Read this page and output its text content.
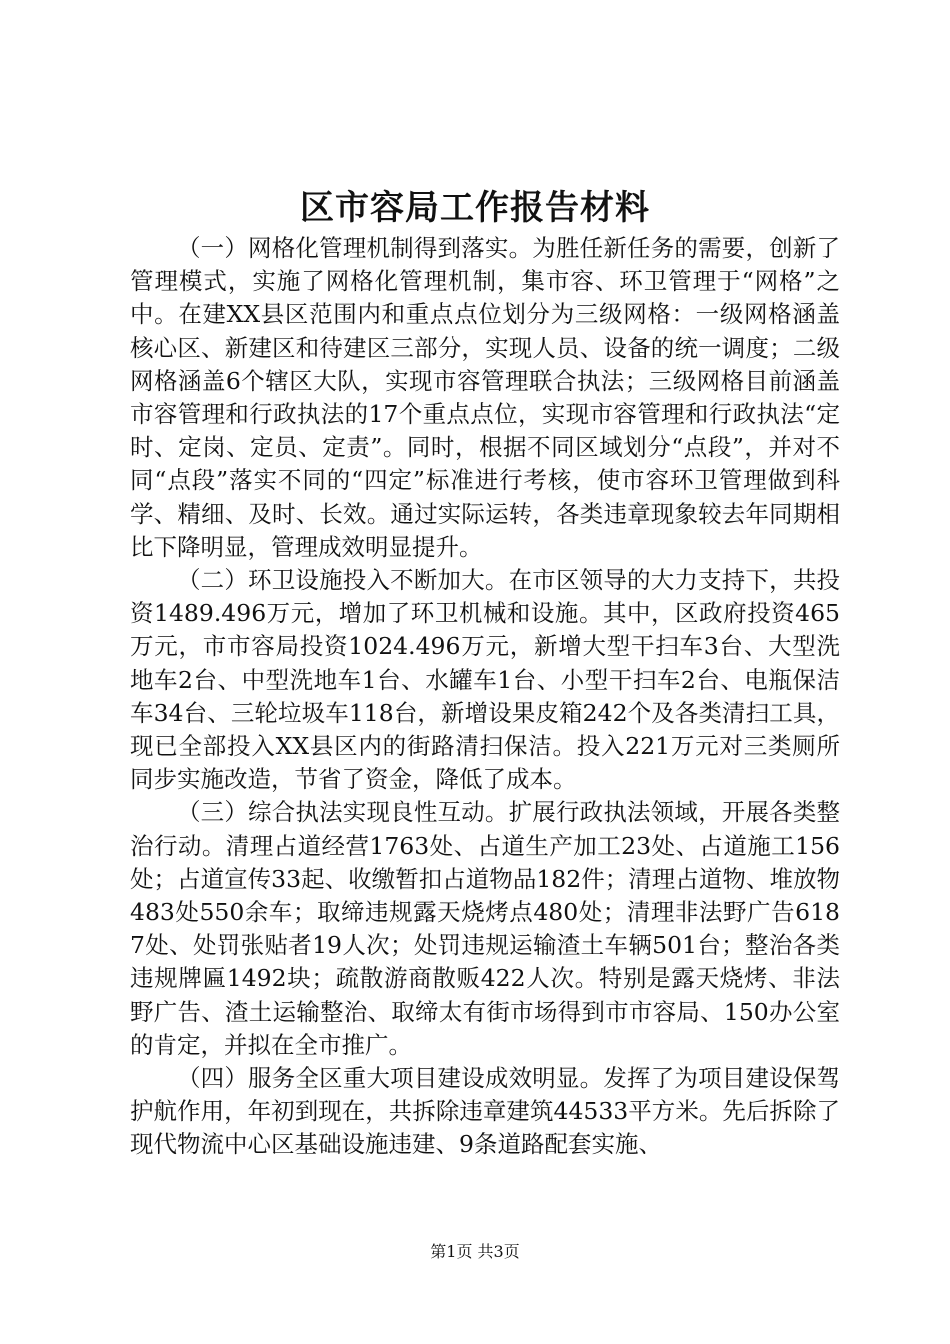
区市容局工作报告材料

（一）网格化管理机制得到落实。为胜任新任务的需要，创新了管理模式，实施了网格化管理机制，集市容、环卫管理于“网格”之中。在建XX县区范围内和重点点位划分为三级网格：一级网格涵盖核心区、新建区和待建区三部分，实现人员、设备的统一调度；二级网格涵盖6个辖区大队，实现市容管理联合执法；三级网格目前涵盖市容管理和行政执法的17个重点点位，实现市容管理和行政执法“定时、定岗、定员、定责”。同时，根据不同区域划分“点段”，并对不同“点段”落实不同的“四定”标准进行考核，使市容环卫管理做到科学、精细、及时、长效。通过实际运转，各类违章现象较去年同期相比下降明显，管理成效明显提升。

（二）环卫设施投入不断加大。在市区领导的大力支持下，共投资1489.496万元，增加了环卫机械和设施。其中，区政府投资465万元，市市容局投资1024.496万元，新增大型干扫车3台、大型洗地车2台、中型洗地车1台、水罐车1台、小型干扫车2台、电瓶保洁车34台、三轮垃圾车118台，新增设果皮箱242个及各类清扫工具，现已全部投入XX县区内的街路清扫保洁。投入221万元对三类厕所同步实施改造，节省了资金，降低了成本。

（三）综合执法实现良性互动。扩展行政执法领域，开展各类整治行动。清理占道经营1763处、占道生产加工23处、占道施工156处；占道宣传33起、收缴暂扣占道物品182件；清理占道物、堆放物483处550余车；取缔违规露天烧烤点480处；清理非法野广告6187处、处罚张贴者19人次；处罚违规运输渣土车辆501台；整治各类违规牌匾1492块；疏散游商散贩422人次。特别是露天烧烤、非法野广告、渣土运输整治、取缔太有街市场得到市市容局、150办公室的肯定，并拟在全市推广。

（四）服务全区重大项目建设成效明显。发挥了为项目建设保驾护航作用，年初到现在，共拆除违章建筑44533平方米。先后拆除了现代物流中心区基础设施违建、9条道路配套实施、

第1页 共3页
